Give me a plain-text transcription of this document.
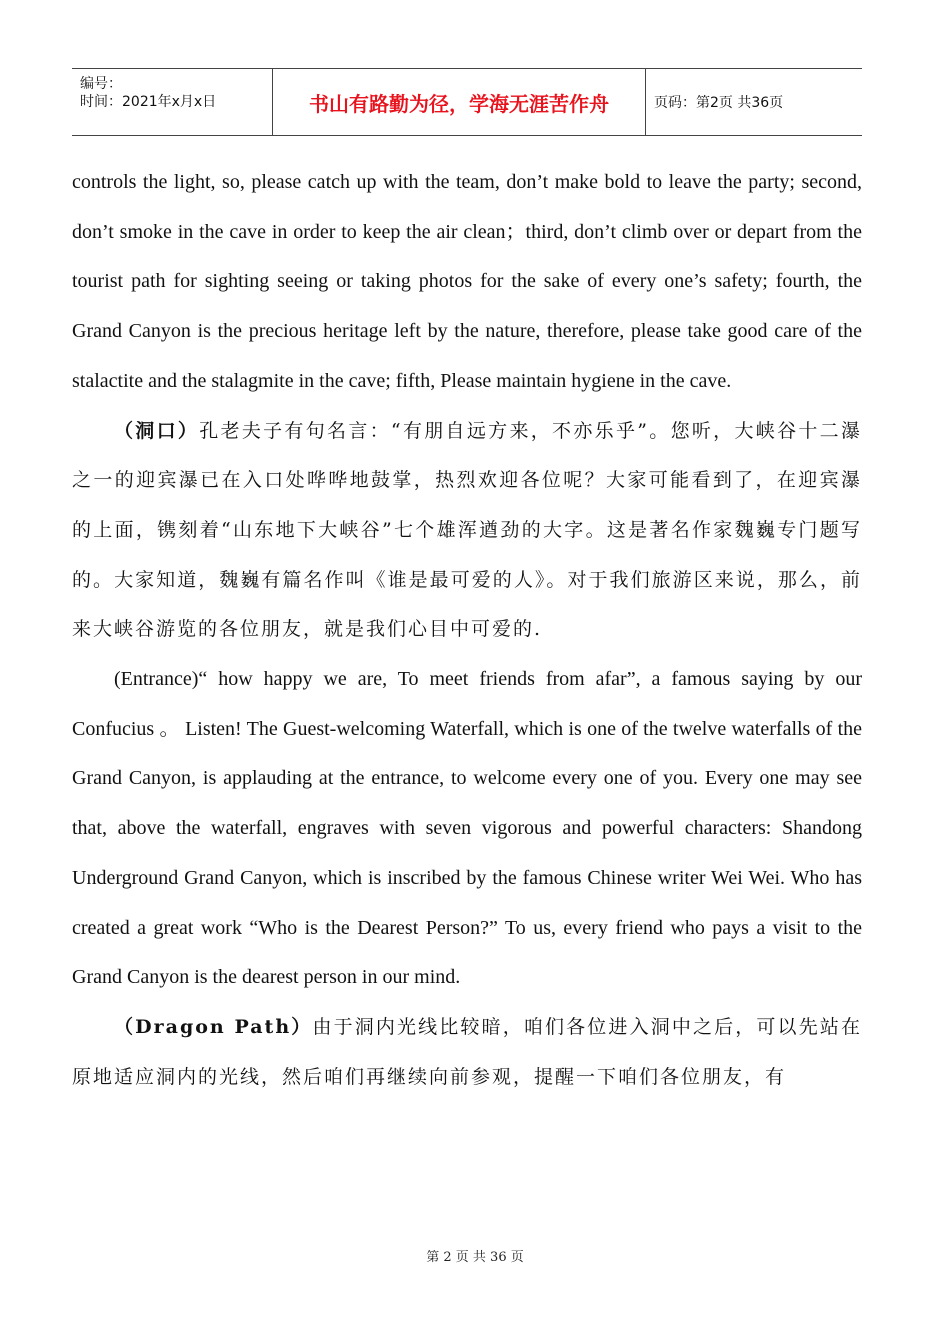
编号：
时间：2021年x月x日	书山有路勤为径，学海无涯苦作舟	页码：第2页 共36页

controls the light, so, please catch up with the team, don’t make bold to leave the party; second, don’t smoke in the cave in order to keep the air clean；third, don’t climb over or depart from the tourist path for sighting seeing or taking photos for the sake of every one’s safety; fourth, the Grand Canyon is the precious heritage left by the nature, therefore, please take good care of the stalactite and the stalagmite in the cave; fifth, Please maintain hygiene in the cave.

（洞口）孔老夫子有句名言：“有朋自远方来，不亦乐乎”。您听，大峡谷十二瀑之一的迎宾瀑已在入口处哗哗地鼓掌，热烈欢迎各位呢？大家可能看到了，在迎宾瀑的上面，镌刻着“山东地下大峡谷”七个雄浑遒劲的大字。这是著名作家魏巍专门题写的。大家知道，魏巍有篇名作叫《谁是最可爱的人》。对于我们旅游区来说，那么，前来大峡谷游览的各位朋友，就是我们心目中可爱的.

(Entrance)“ how happy we are, To meet friends from afar”, a famous saying by our Confucius 。 Listen! The Guest-welcoming Waterfall, which is one of the twelve waterfalls of the Grand Canyon, is applauding at the entrance, to welcome every one of you. Every one may see that, above the waterfall, engraves with seven vigorous and powerful characters: Shandong Underground Grand Canyon, which is inscribed by the famous Chinese writer Wei Wei. Who has created a great work “Who is the Dearest Person?” To us, every friend who pays a visit to the Grand Canyon is the dearest person in our mind.

（Dragon Path）由于洞内光线比较暗，咱们各位进入洞中之后，可以先站在原地适应洞内的光线，然后咱们再继续向前参观，提醒一下咱们各位朋友，有

第 2 页 共 36 页
